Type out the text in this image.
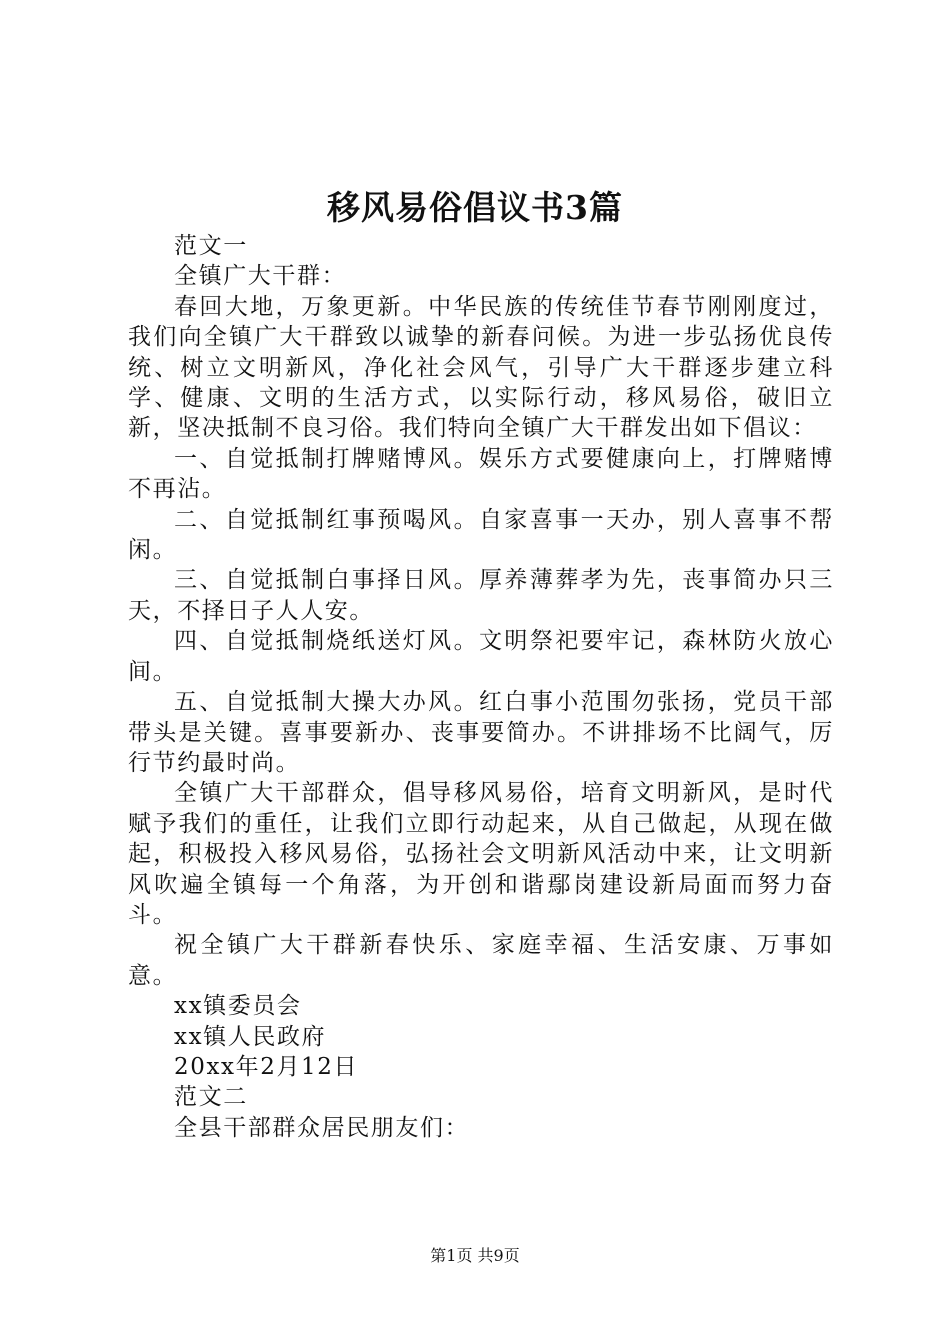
移风易俗倡议书3篇

范文一

全镇广大干群：

春回大地，万象更新。中华民族的传统佳节春节刚刚度过，我们向全镇广大干群致以诚挚的新春问候。为进一步弘扬优良传统、树立文明新风，净化社会风气，引导广大干群逐步建立科学、健康、文明的生活方式，以实际行动，移风易俗，破旧立新，坚决抵制不良习俗。我们特向全镇广大干群发出如下倡议：

一、自觉抵制打牌赌博风。娱乐方式要健康向上，打牌赌博不再沾。

二、自觉抵制红事预喝风。自家喜事一天办，别人喜事不帮闲。

三、自觉抵制白事择日风。厚养薄葬孝为先，丧事简办只三天，不择日子人人安。

四、自觉抵制烧纸送灯风。文明祭祀要牢记，森林防火放心间。

五、自觉抵制大操大办风。红白事小范围勿张扬，党员干部带头是关键。喜事要新办、丧事要简办。不讲排场不比阔气，厉行节约最时尚。

全镇广大干部群众，倡导移风易俗，培育文明新风，是时代赋予我们的重任，让我们立即行动起来，从自己做起，从现在做起，积极投入移风易俗，弘扬社会文明新风活动中来，让文明新风吹遍全镇每一个角落，为开创和谐鄢岗建设新局面而努力奋斗。

祝全镇广大干群新春快乐、家庭幸福、生活安康、万事如意。

xx镇委员会

xx镇人民政府

20xx年2月12日

范文二

全县干部群众居民朋友们：

第1页 共9页
